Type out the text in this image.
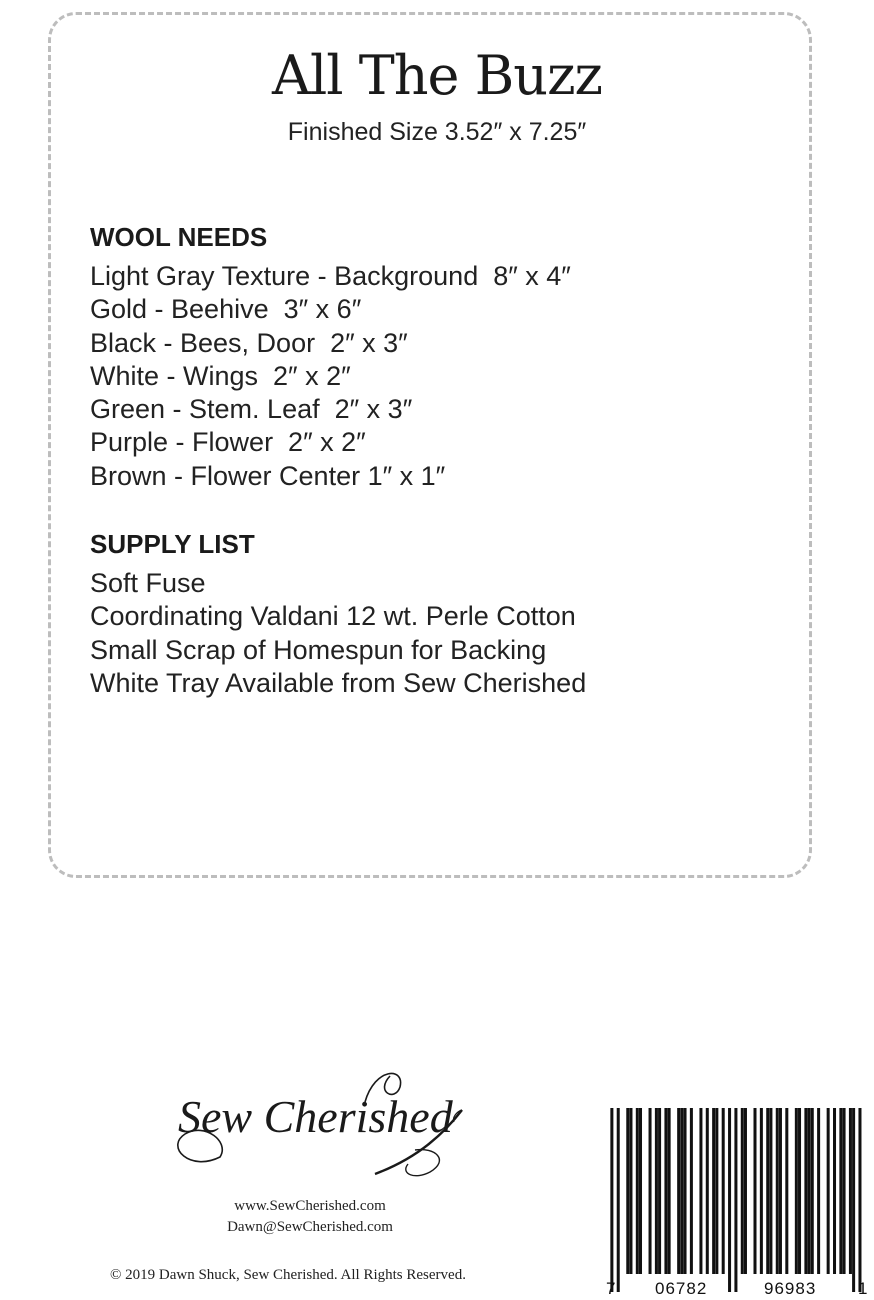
All The Buzz
Finished Size 3.52″ x 7.25″
WOOL NEEDS
Light Gray Texture - Background  8″ x 4″
Gold - Beehive  3″ x 6″
Black - Bees, Door  2″ x 3″
White - Wings  2″ x 2″
Green - Stem. Leaf  2″ x 3″
Purple - Flower  2″ x 2″
Brown - Flower Center 1″ x 1″
SUPPLY LIST
Soft Fuse
Coordinating Valdani 12 wt. Perle Cotton
Small Scrap of Homespun for Backing
White Tray Available from Sew Cherished
Sew Cherished
www.SewCherished.com
Dawn@SewCherished.com
© 2019 Dawn Shuck, Sew Cherished. All Rights Reserved.
7 06782	96983 1
